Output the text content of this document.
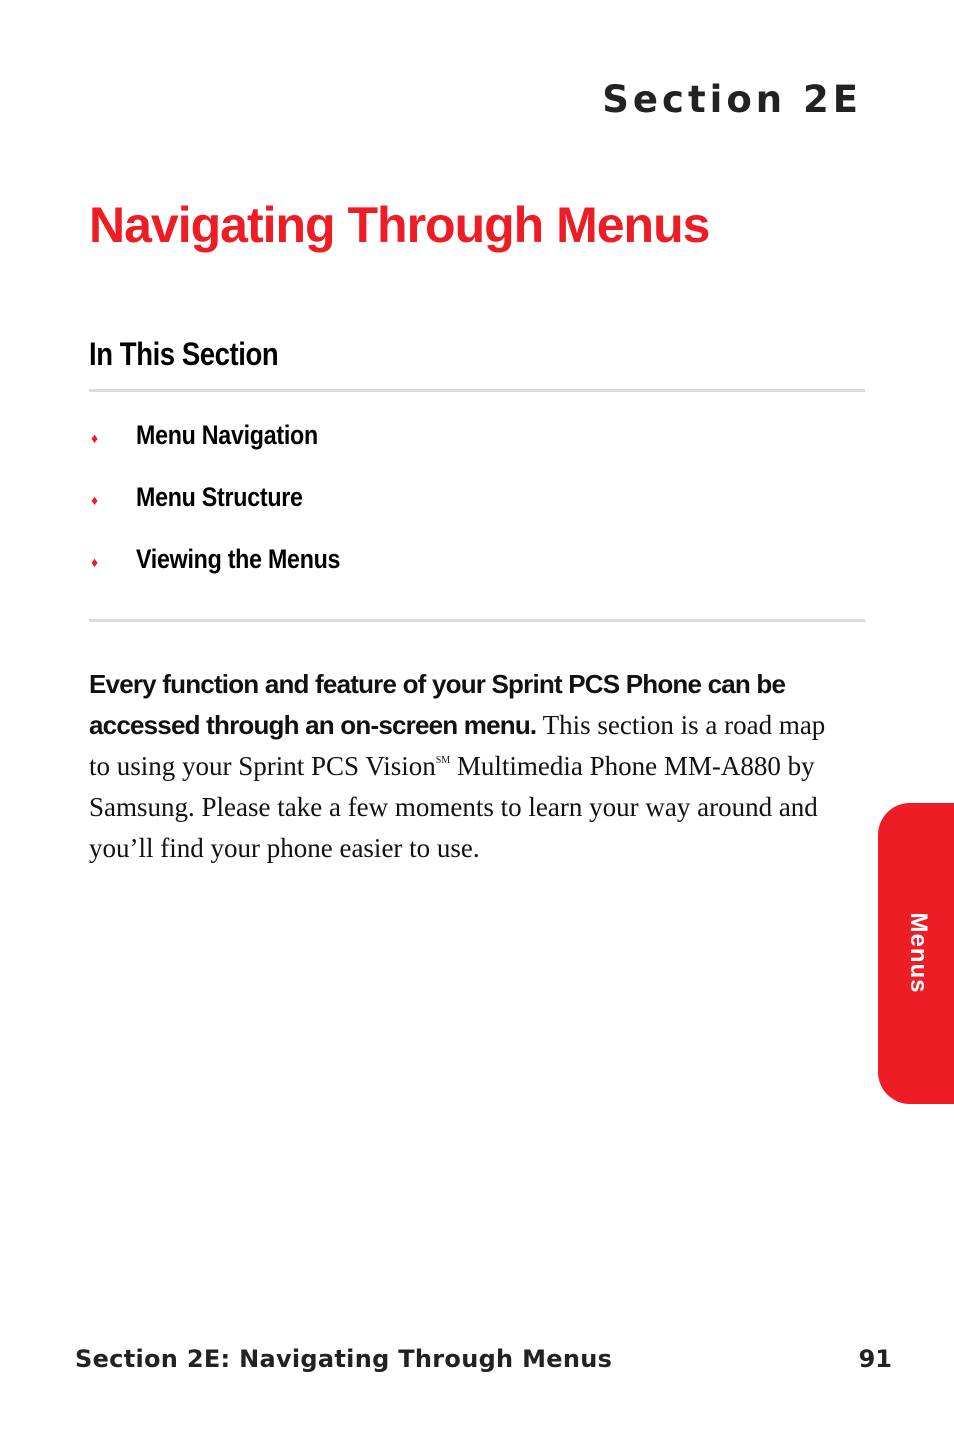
Section 2E
Navigating Through Menus
In This Section
♦ Menu Navigation
♦ Menu Structure
♦ Viewing the Menus

Every function and feature of your Sprint PCS Phone can be accessed through an on-screen menu. This section is a road map to using your Sprint PCS Vision℠ Multimedia Phone MM-A880 by Samsung. Please take a few moments to learn your way around and you’ll find your phone easier to use.

Menus
Section 2E: Navigating Through Menus	91
